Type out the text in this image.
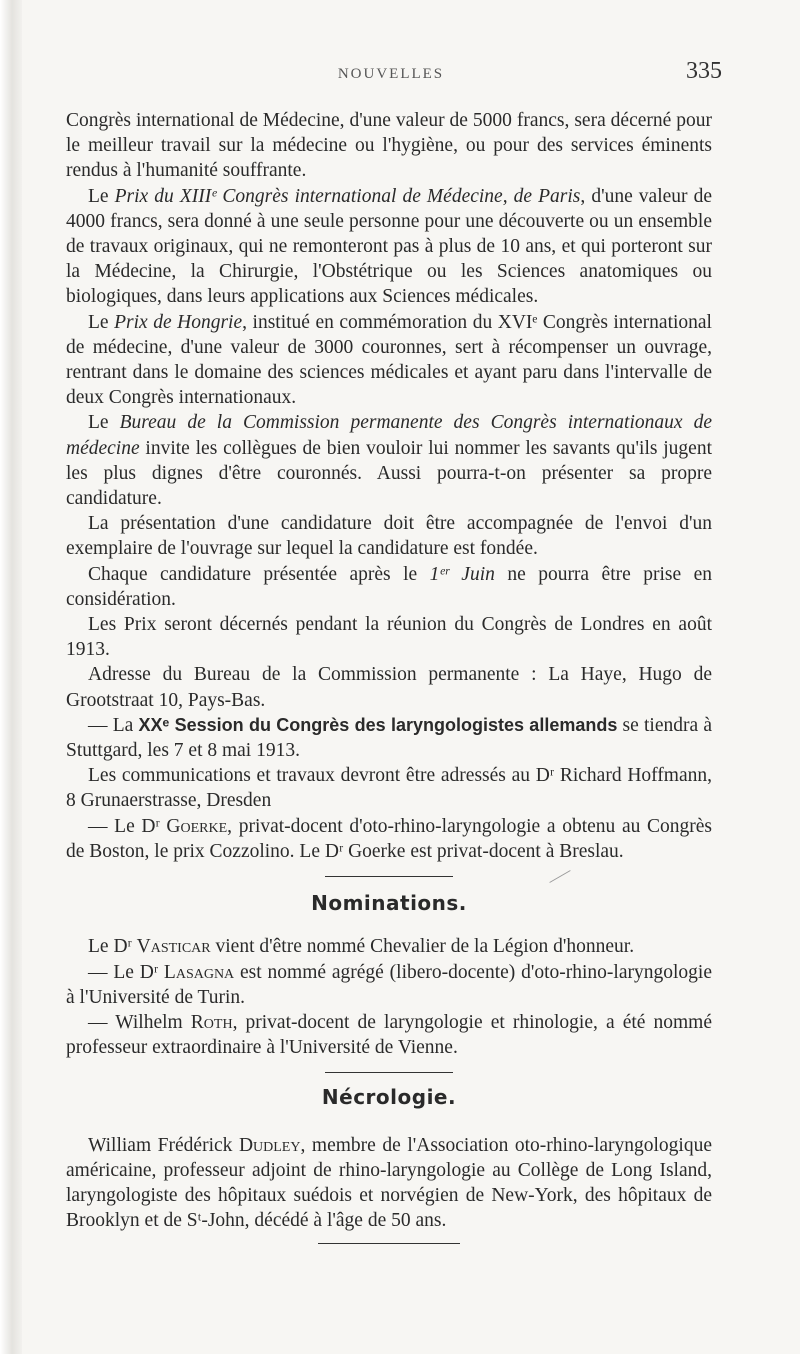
NOUVELLES	335

Congrès international de Médecine, d'une valeur de 5000 francs, sera décerné pour le meilleur travail sur la médecine ou l'hygiène, ou pour des services éminents rendus à l'humanité souffrante.

Le Prix du XIIIᵉ Congrès international de Médecine, de Paris, d'une valeur de 4000 francs, sera donné à une seule personne pour une découverte ou un ensemble de travaux originaux, qui ne remonteront pas à plus de 10 ans, et qui porteront sur la Médecine, la Chirurgie, l'Obstétrique ou les Sciences anatomiques ou biologiques, dans leurs applications aux Sciences médicales.

Le Prix de Hongrie, institué en commémoration du XVIᵉ Congrès international de médecine, d'une valeur de 3000 couronnes, sert à récompenser un ouvrage, rentrant dans le domaine des sciences médicales et ayant paru dans l'intervalle de deux Congrès internationaux.

Le Bureau de la Commission permanente des Congrès internationaux de médecine invite les collègues de bien vouloir lui nommer les savants qu'ils jugent les plus dignes d'être couronnés. Aussi pourra-t-on présenter sa propre candidature.

La présentation d'une candidature doit être accompagnée de l'envoi d'un exemplaire de l'ouvrage sur lequel la candidature est fondée.

Chaque candidature présentée après le 1ᵉʳ Juin ne pourra être prise en considération.

Les Prix seront décernés pendant la réunion du Congrès de Londres en août 1913.

Adresse du Bureau de la Commission permanente : La Haye, Hugo de Grootstraat 10, Pays-Bas.

— La XXᵉ Session du Congrès des laryngologistes allemands se tiendra à Stuttgard, les 7 et 8 mai 1913.

Les communications et travaux devront être adressés au Dʳ Richard Hoffmann, 8 Grunaerstrasse, Dresden

— Le Dʳ Goerke, privat-docent d'oto-rhino-laryngologie a obtenu au Congrès de Boston, le prix Cozzolino. Le Dʳ Goerke est privat-docent à Breslau.

Nominations.

Le Dʳ Vasticar vient d'être nommé Chevalier de la Légion d'honneur.

— Le Dʳ Lasagna est nommé agrégé (libero-docente) d'oto-rhino-laryngologie à l'Université de Turin.

— Wilhelm Roth, privat-docent de laryngologie et rhinologie, a été nommé professeur extraordinaire à l'Université de Vienne.

Nécrologie.

William Frédérick Dudley, membre de l'Association oto-rhino-laryngologique américaine, professeur adjoint de rhino-laryngologie au Collège de Long Island, laryngologiste des hôpitaux suédois et norvégien de New-York, des hôpitaux de Brooklyn et de Sᵗ-John, décédé à l'âge de 50 ans.
